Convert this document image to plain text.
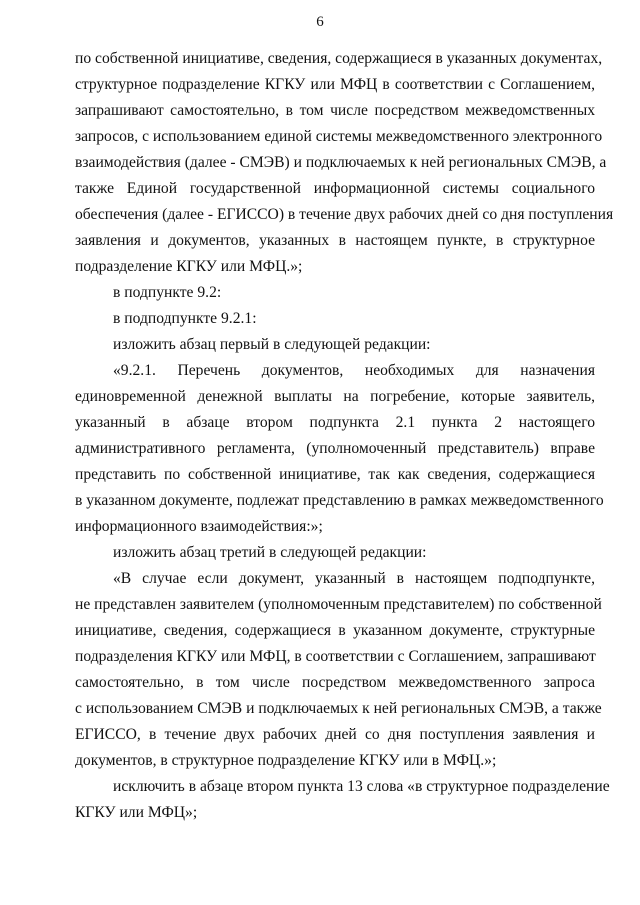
6
по собственной инициативе, сведения, содержащиеся в указанных документах,
структурное подразделение КГКУ или МФЦ в соответствии с Соглашением,
запрашивают самостоятельно, в том числе посредством межведомственных
запросов, с использованием единой системы межведомственного электронного
взаимодействия (далее - СМЭВ) и подключаемых к ней региональных СМЭВ, а
также Единой государственной информационной системы социального
обеспечения (далее - ЕГИССО) в течение двух рабочих дней со дня поступления
заявления и документов, указанных в настоящем пункте, в структурное
подразделение КГКУ или МФЦ.»;
в подпункте 9.2:
в подподпункте 9.2.1:
изложить абзац первый в следующей редакции:
«9.2.1. Перечень документов, необходимых для назначения
единовременной денежной выплаты на погребение, которые заявитель,
указанный в абзаце втором подпункта 2.1 пункта 2 настоящего
административного регламента, (уполномоченный представитель) вправе
представить по собственной инициативе, так как сведения, содержащиеся
в указанном документе, подлежат представлению в рамках межведомственного
информационного взаимодействия:»;
изложить абзац третий в следующей редакции:
«В случае если документ, указанный в настоящем подподпункте,
не представлен заявителем (уполномоченным представителем) по собственной
инициативе, сведения, содержащиеся в указанном документе, структурные
подразделения КГКУ или МФЦ, в соответствии с Соглашением, запрашивают
самостоятельно, в том числе посредством межведомственного запроса
с использованием СМЭВ и подключаемых к ней региональных СМЭВ, а также
ЕГИССО, в течение двух рабочих дней со дня поступления заявления и
документов, в структурное подразделение КГКУ или в МФЦ.»;
исключить в абзаце втором пункта 13 слова «в структурное подразделение
КГКУ или МФЦ»;
